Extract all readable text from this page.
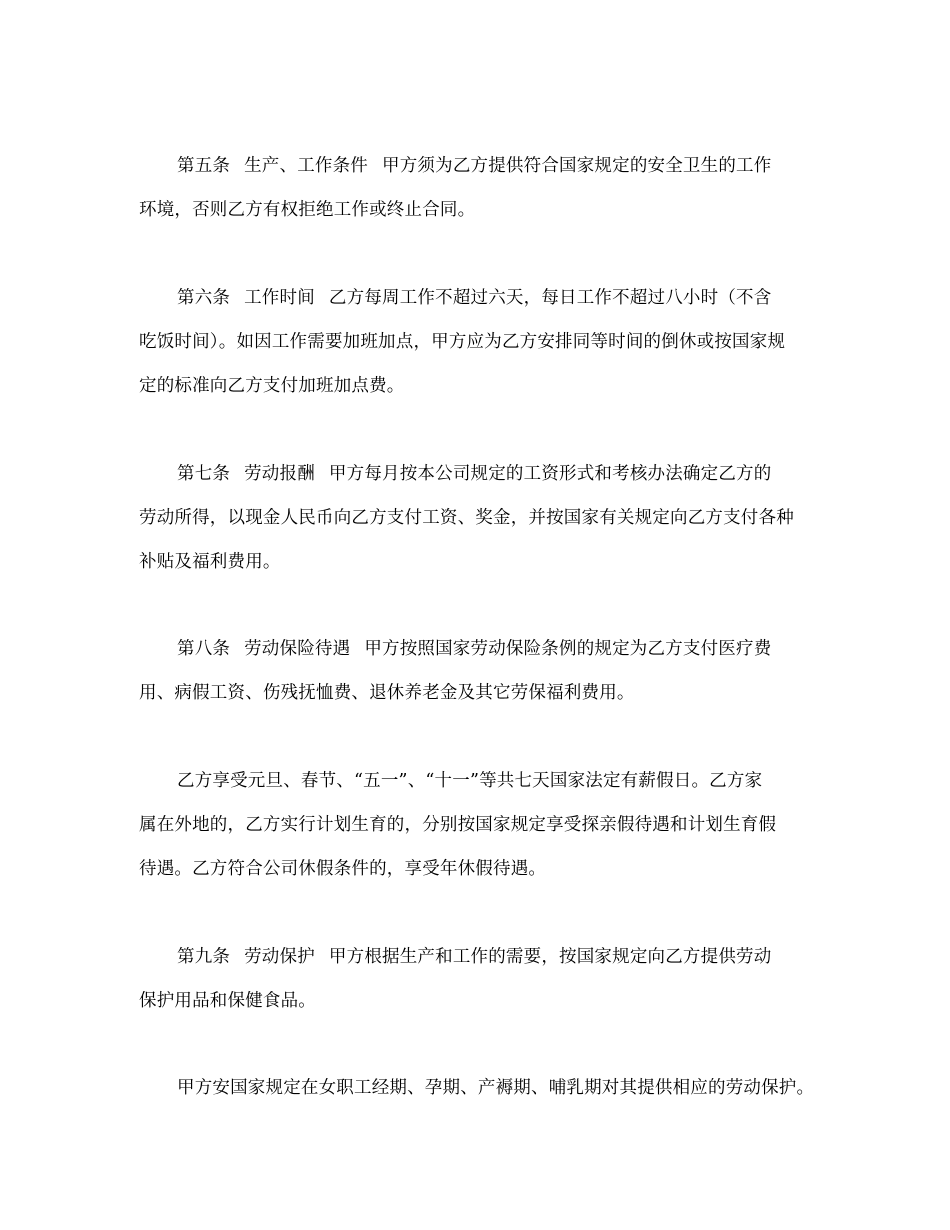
第五条 生产、工作条件 甲方须为乙方提供符合国家规定的安全卫生的工作
环境，否则乙方有权拒绝工作或终止合同。
第六条 工作时间 乙方每周工作不超过六天，每日工作不超过八小时（不含
吃饭时间）。如因工作需要加班加点，甲方应为乙方安排同等时间的倒休或按国家规
定的标准向乙方支付加班加点费。
第七条 劳动报酬 甲方每月按本公司规定的工资形式和考核办法确定乙方的
劳动所得，以现金人民币向乙方支付工资、奖金，并按国家有关规定向乙方支付各种
补贴及福利费用。
第八条 劳动保险待遇 甲方按照国家劳动保险条例的规定为乙方支付医疗费
用、病假工资、伤残抚恤费、退休养老金及其它劳保福利费用。
乙方享受元旦、春节、“五一”、“十一”等共七天国家法定有薪假日。乙方家
属在外地的，乙方实行计划生育的，分别按国家规定享受探亲假待遇和计划生育假
待遇。乙方符合公司休假条件的，享受年休假待遇。
第九条 劳动保护 甲方根据生产和工作的需要，按国家规定向乙方提供劳动
保护用品和保健食品。
甲方安国家规定在女职工经期、孕期、产褥期、哺乳期对其提供相应的劳动保护。
